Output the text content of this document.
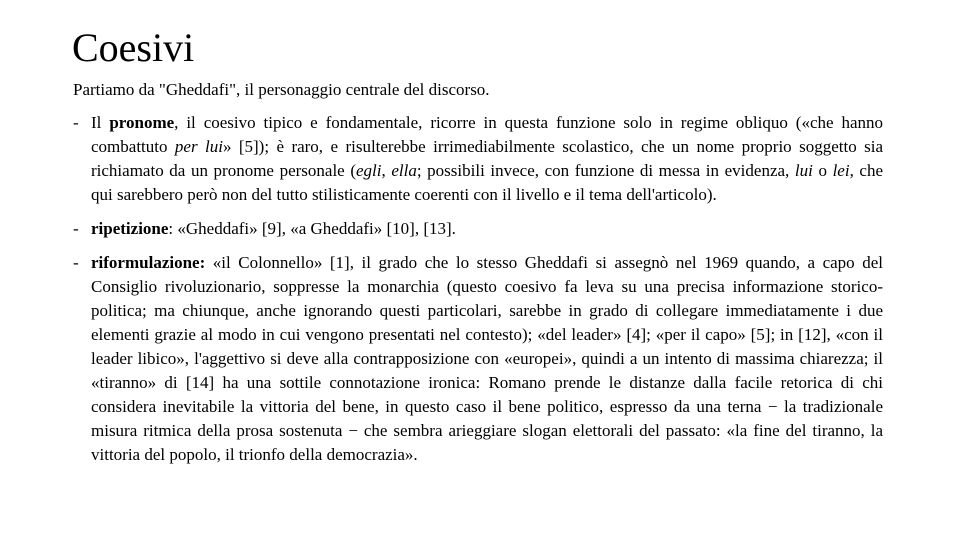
Coesivi

Partiamo da "Gheddafi", il personaggio centrale del discorso.

- Il pronome, il coesivo tipico e fondamentale, ricorre in questa funzione solo in regime obliquo («che hanno combattuto per lui» [5]); è raro, e risulterebbe irrimediabilmente scolastico, che un nome proprio soggetto sia richiamato da un pronome personale (egli, ella; possibili invece, con funzione di messa in evidenza, lui o lei, che qui sarebbero però non del tutto stilisticamente coerenti con il livello e il tema dell'articolo).
- ripetizione: «Gheddafi» [9], «a Gheddafi» [10], [13].
- riformulazione: «il Colonnello» [1], il grado che lo stesso Gheddafi si assegnò nel 1969 quando, a capo del Consiglio rivoluzionario, soppresse la monarchia (questo coesivo fa leva su una precisa informazione storico-politica; ma chiunque, anche ignorando questi particolari, sarebbe in grado di collegare immediatamente i due elementi grazie al modo in cui vengono presentati nel contesto); «del leader» [4]; «per il capo» [5]; in [12], «con il leader libico», l'aggettivo si deve alla contrapposizione con «europei», quindi a un intento di massima chiarezza; il «tiranno» di [14] ha una sottile connotazione ironica: Romano prende le distanze dalla facile retorica di chi considera inevitabile la vittoria del bene, in questo caso il bene politico, espresso da una terna − la tradizionale misura ritmica della prosa sostenuta − che sembra arieggiare slogan elettorali del passato: «la fine del tiranno, la vittoria del popolo, il trionfo della democrazia».
